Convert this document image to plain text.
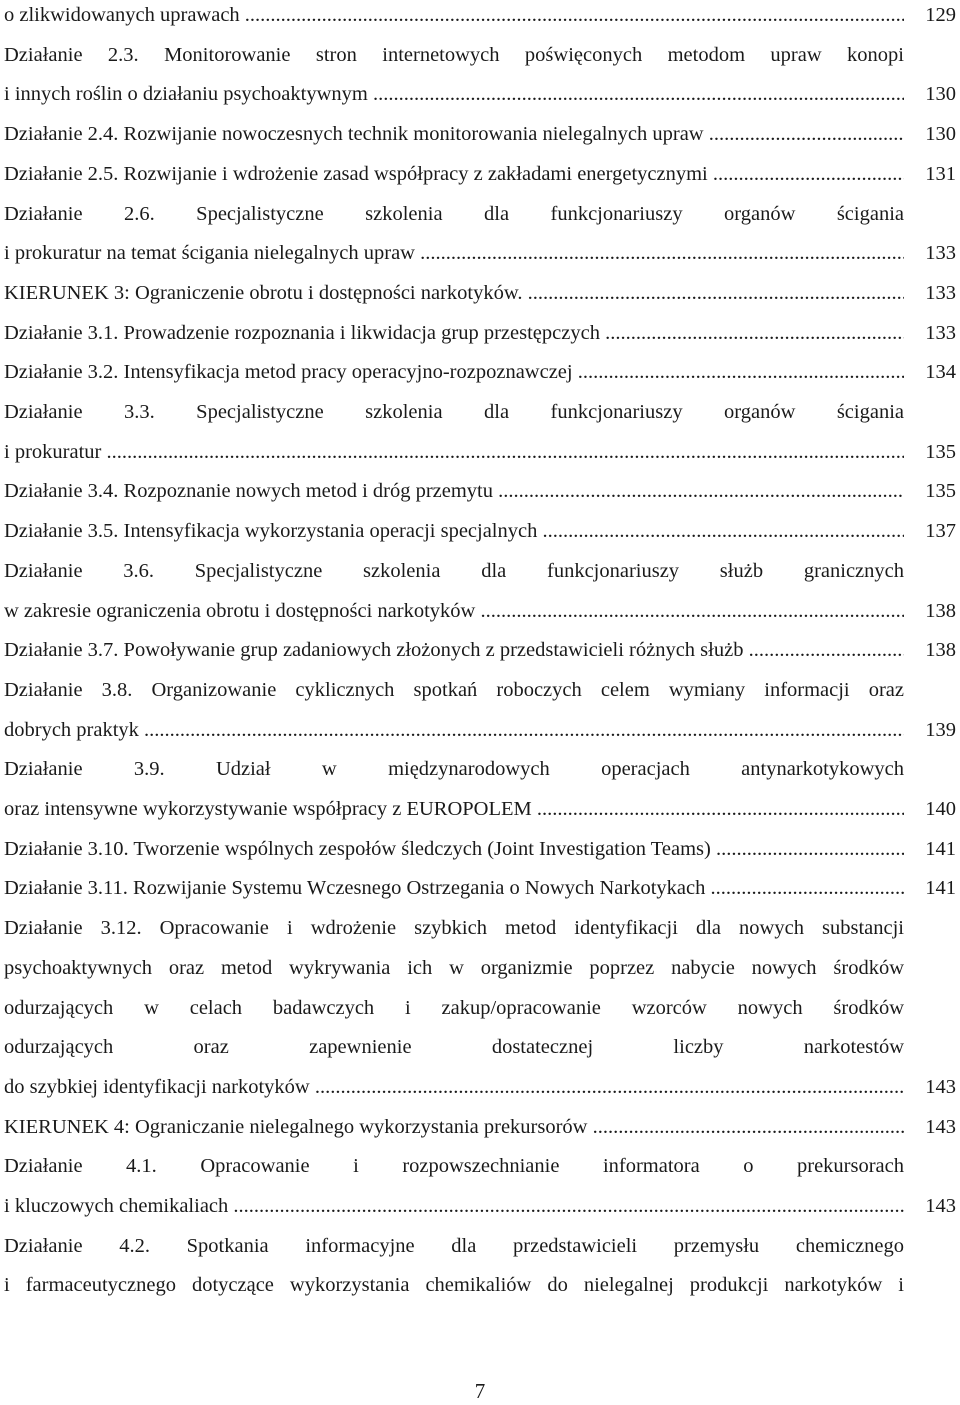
o zlikwidowanych uprawach .....	129
Działanie 2.3. Monitorowanie stron internetowych poświęconych metodom upraw konopi
i innych roślin o działaniu psychoaktywnym .....	130
Działanie 2.4. Rozwijanie nowoczesnych technik monitorowania nielegalnych upraw .....	130
Działanie 2.5. Rozwijanie i wdrożenie zasad współpracy z zakładami energetycznymi .....	131
Działanie 2.6. Specjalistyczne szkolenia dla funkcjonariuszy organów ścigania
i prokuratur na temat ścigania nielegalnych upraw .....	133
KIERUNEK 3: Ograniczenie obrotu i dostępności narkotyków. .....	133
Działanie 3.1. Prowadzenie rozpoznania i likwidacja grup przestępczych .....	133
Działanie 3.2. Intensyfikacja metod pracy operacyjno-rozpoznawczej .....	134
Działanie 3.3. Specjalistyczne szkolenia dla funkcjonariuszy organów ścigania
i prokuratur .....	135
Działanie 3.4. Rozpoznanie nowych metod i dróg przemytu .....	135
Działanie 3.5. Intensyfikacja wykorzystania operacji specjalnych .....	137
Działanie 3.6. Specjalistyczne szkolenia dla funkcjonariuszy służb granicznych
w zakresie ograniczenia obrotu i dostępności narkotyków .....	138
Działanie 3.7. Powoływanie grup zadaniowych złożonych z przedstawicieli różnych służb .....	138
Działanie 3.8. Organizowanie cyklicznych spotkań roboczych celem wymiany informacji oraz
dobrych praktyk .....	139
Działanie 3.9. Udział w międzynarodowych operacjach antynarkotykowych
oraz intensywne wykorzystywanie współpracy z EUROPOLEM .....	140
Działanie 3.10. Tworzenie wspólnych zespołów śledczych (Joint Investigation Teams) .....	141
Działanie 3.11. Rozwijanie Systemu Wczesnego Ostrzegania o Nowych Narkotykach .....	141
Działanie 3.12. Opracowanie i wdrożenie szybkich metod identyfikacji dla nowych substancji
psychoaktywnych oraz metod wykrywania ich w organizmie poprzez nabycie nowych środków
odurzających w celach badawczych i zakup/opracowanie wzorców nowych środków
odurzających oraz zapewnienie dostatecznej liczby narkotestów
do szybkiej identyfikacji narkotyków .....	143
KIERUNEK 4: Ograniczanie nielegalnego wykorzystania prekursorów .....	143
Działanie 4.1. Opracowanie i rozpowszechnianie informatora o prekursorach
i kluczowych chemikaliach .....	143
Działanie 4.2. Spotkania informacyjne dla przedstawicieli przemysłu chemicznego
i farmaceutycznego dotyczące wykorzystania chemikaliów do nielegalnej produkcji narkotyków i
7
